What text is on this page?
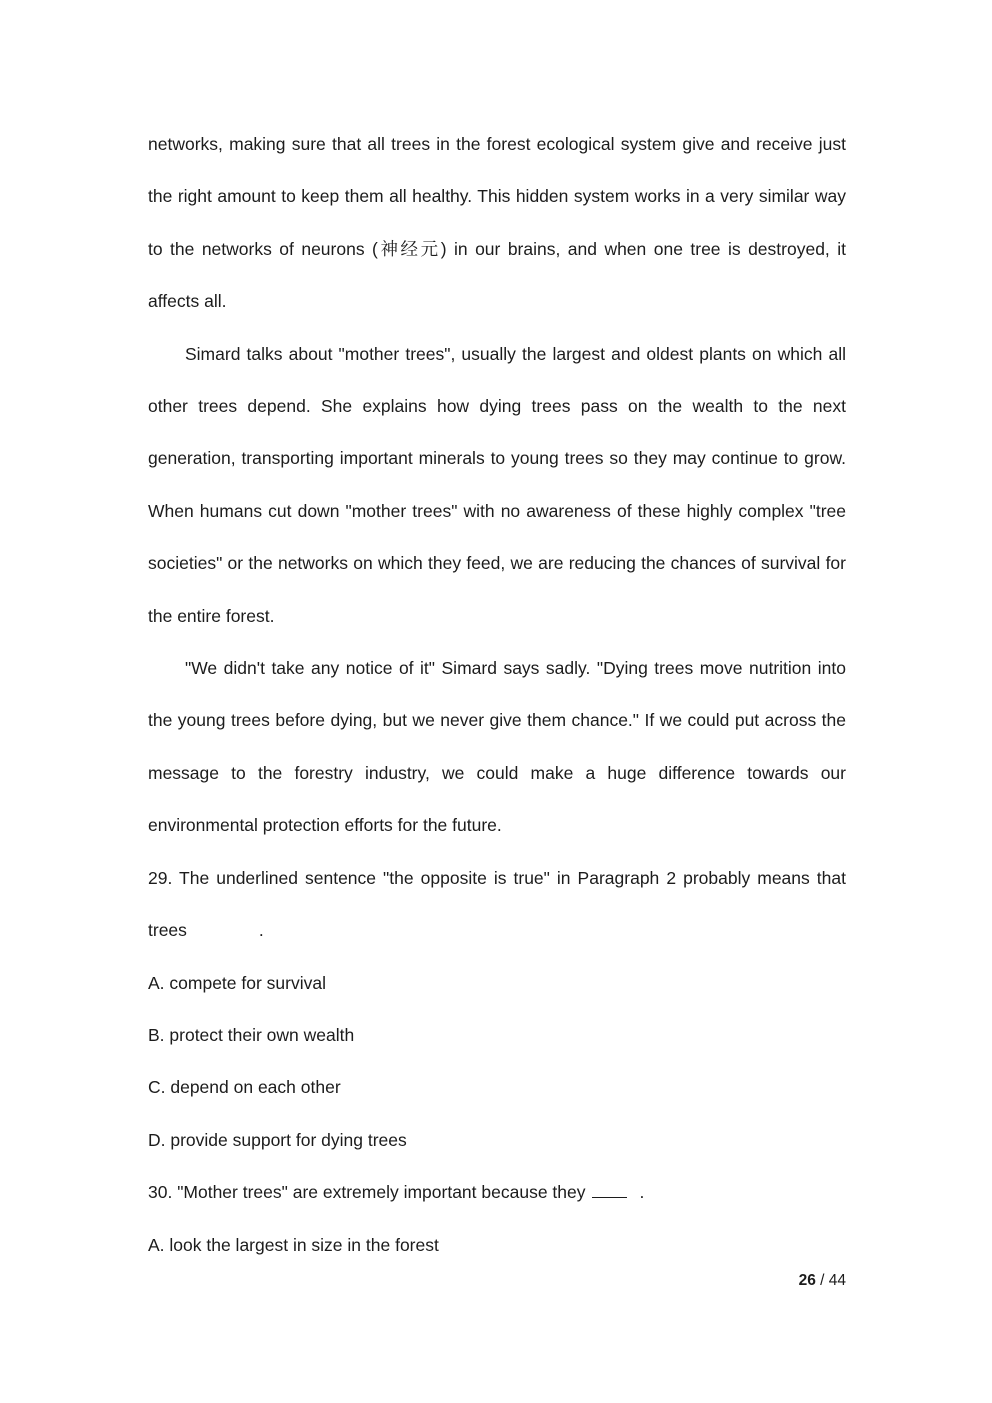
networks, making sure that all trees in the forest ecological system give and receive just the right amount to keep them all healthy. This hidden system works in a very similar way to the networks of neurons (神经元) in our brains, and when one tree is destroyed, it affects all.

Simard talks about "mother trees", usually the largest and oldest plants on which all other trees depend. She explains how dying trees pass on the wealth to the next generation, transporting important minerals to young trees so they may continue to grow. When humans cut down "mother trees" with no awareness of these highly complex "tree societies" or the networks on which they feed, we are reducing the chances of survival for the entire forest.

"We didn't take any notice of it" Simard says sadly. "Dying trees move nutrition into the young trees before dying, but we never give them chance." If we could put across the message to the forestry industry, we could make a huge difference towards our environmental protection efforts for the future.

29. The underlined sentence "the opposite is true" in Paragraph 2 probably means that trees	.

A. compete for survival

B. protect their own wealth

C. depend on each other

D. provide support for dying trees

30. "Mother trees" are extremely important because they	.

A. look the largest in size in the forest

26 / 44
